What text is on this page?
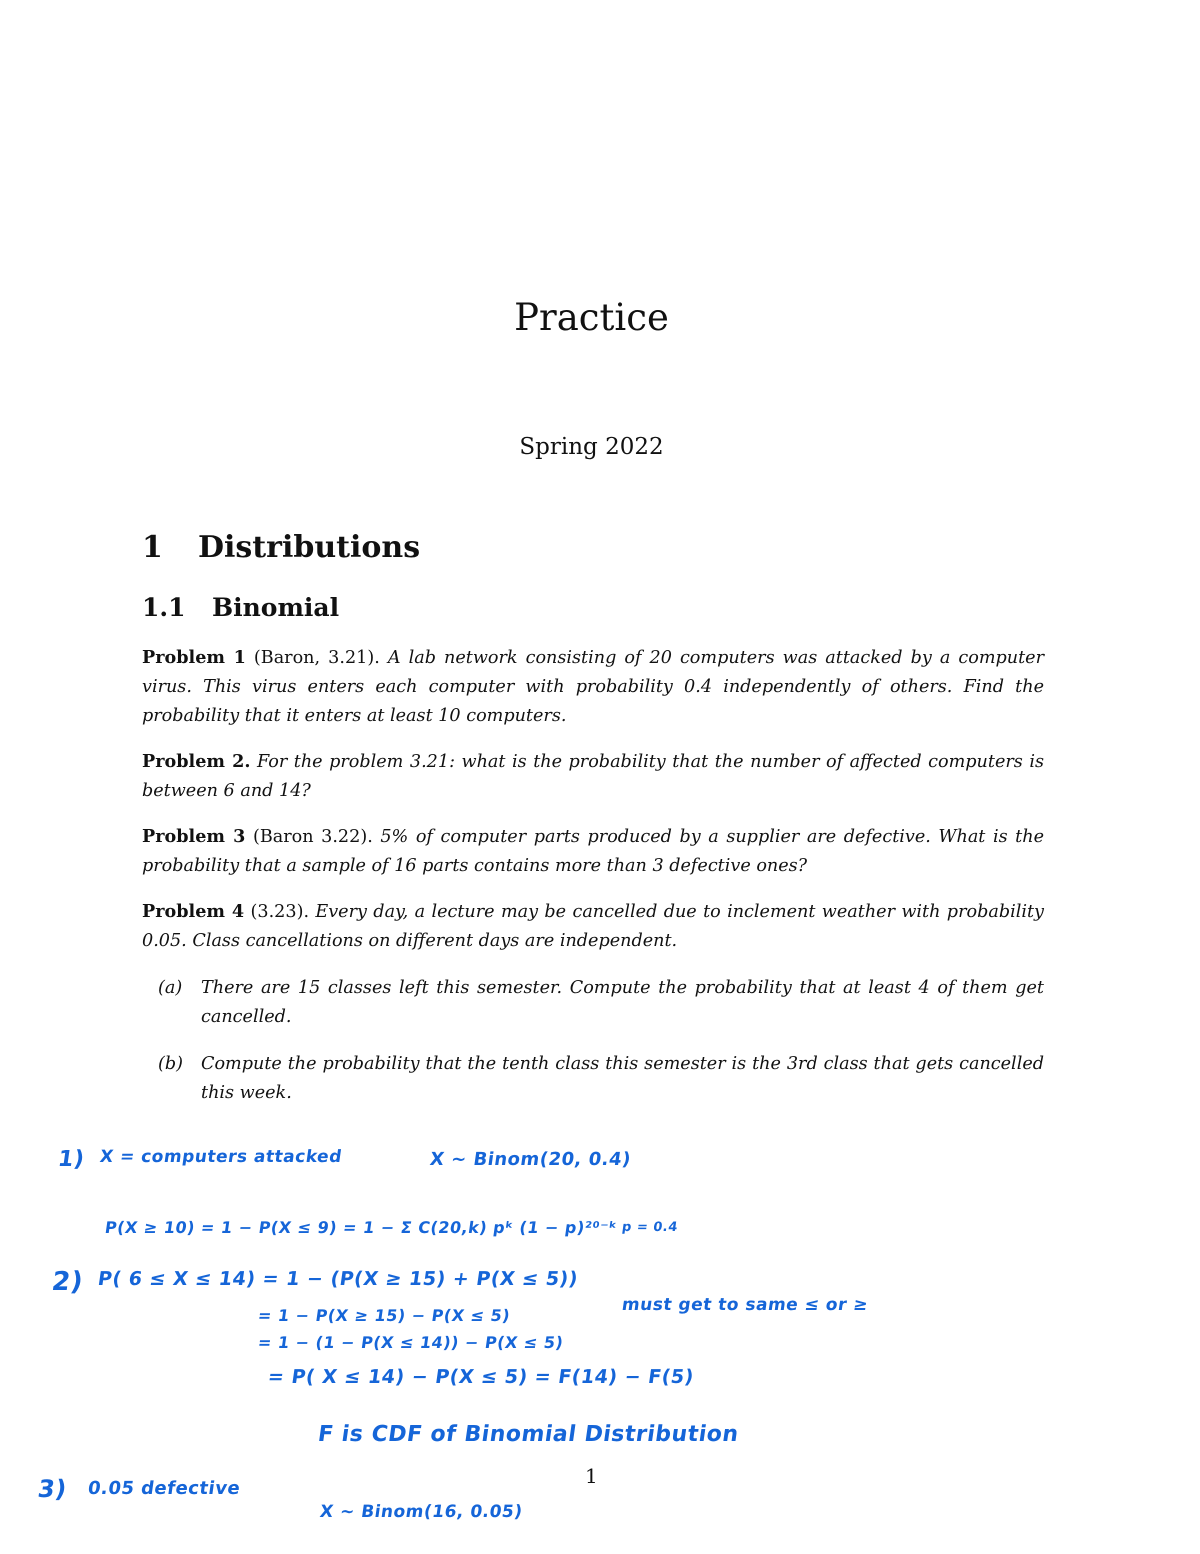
Practice
Spring 2022
1 Distributions
1.1 Binomial
Problem 1 (Baron, 3.21). A lab network consisting of 20 computers was attacked by a computer virus. This virus enters each computer with probability 0.4 independently of others. Find the probability that it enters at least 10 computers.
Problem 2. For the problem 3.21: what is the probability that the number of affected computers is between 6 and 14?
Problem 3 (Baron 3.22). 5% of computer parts produced by a supplier are defective. What is the probability that a sample of 16 parts contains more than 3 defective ones?
Problem 4 (3.23). Every day, a lecture may be cancelled due to inclement weather with probability 0.05. Class cancellations on different days are independent.
(a) There are 15 classes left this semester. Compute the probability that at least 4 of them get cancelled.
(b) Compute the probability that the tenth class this semester is the 3rd class that gets cancelled this week.
1) X = computers attacked	X ~ Binom(20, 0.4)
P(X ≥ 10) = 1 − P(X ≤ 9) = 1 − Σ C(20,k) pᵏ (1 − p)²⁰⁻ᵏ p = 0.4
2) P( 6 ≤ X ≤ 14) = 1 − (P(X ≥ 15) + P(X ≤ 5))
= 1 − P(X ≥ 15) − P(X ≤ 5)
= 1 − (1 − P(X ≤ 14)) − P(X ≤ 5)
= P( X ≤ 14) − P(X ≤ 5) = F(14) − F(5)
must get to same ≤ or ≥
F is CDF of Binomial Distribution
3) 0.05 defective
X ~ Binom(16, 0.05)
1
